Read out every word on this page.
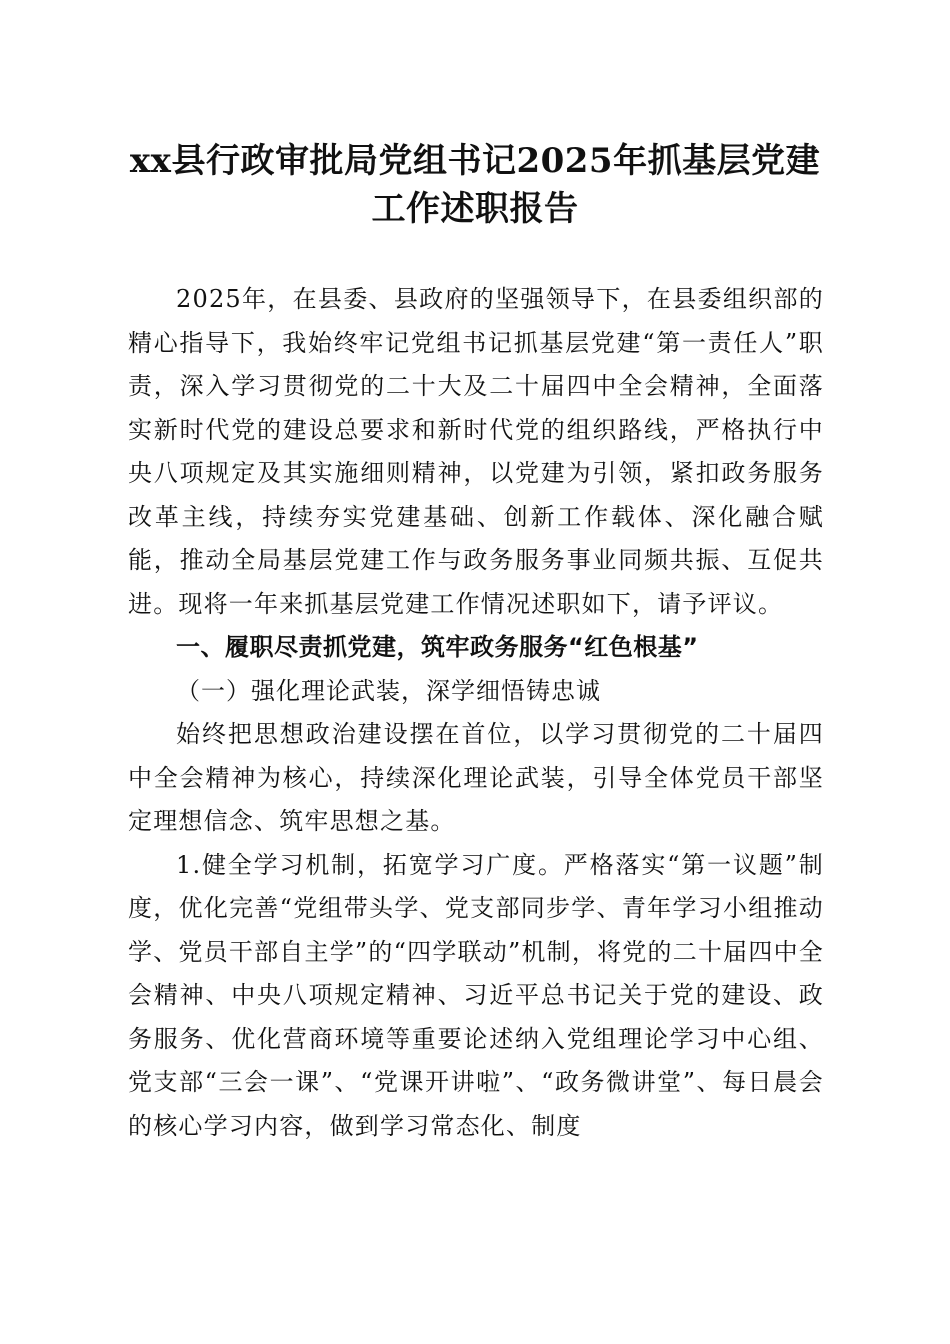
xx县行政审批局党组书记2025年抓基层党建
工作述职报告

2025年，在县委、县政府的坚强领导下，在县委组织部的精心指导下，我始终牢记党组书记抓基层党建“第一责任人”职责，深入学习贯彻党的二十大及二十届四中全会精神，全面落实新时代党的建设总要求和新时代党的组织路线，严格执行中央八项规定及其实施细则精神，以党建为引领，紧扣政务服务改革主线，持续夯实党建基础、创新工作载体、深化融合赋能，推动全局基层党建工作与政务服务事业同频共振、互促共进。现将一年来抓基层党建工作情况述职如下，请予评议。

一、履职尽责抓党建，筑牢政务服务“红色根基”

（一）强化理论武装，深学细悟铸忠诚

始终把思想政治建设摆在首位，以学习贯彻党的二十届四中全会精神为核心，持续深化理论武装，引导全体党员干部坚定理想信念、筑牢思想之基。

1.健全学习机制，拓宽学习广度。严格落实“第一议题”制度，优化完善“党组带头学、党支部同步学、青年学习小组推动学、党员干部自主学”的“四学联动”机制，将党的二十届四中全会精神、中央八项规定精神、习近平总书记关于党的建设、政务服务、优化营商环境等重要论述纳入党组理论学习中心组、党支部“三会一课”、“党课开讲啦”、“政务微讲堂”、每日晨会的核心学习内容，做到学习常态化、制度
